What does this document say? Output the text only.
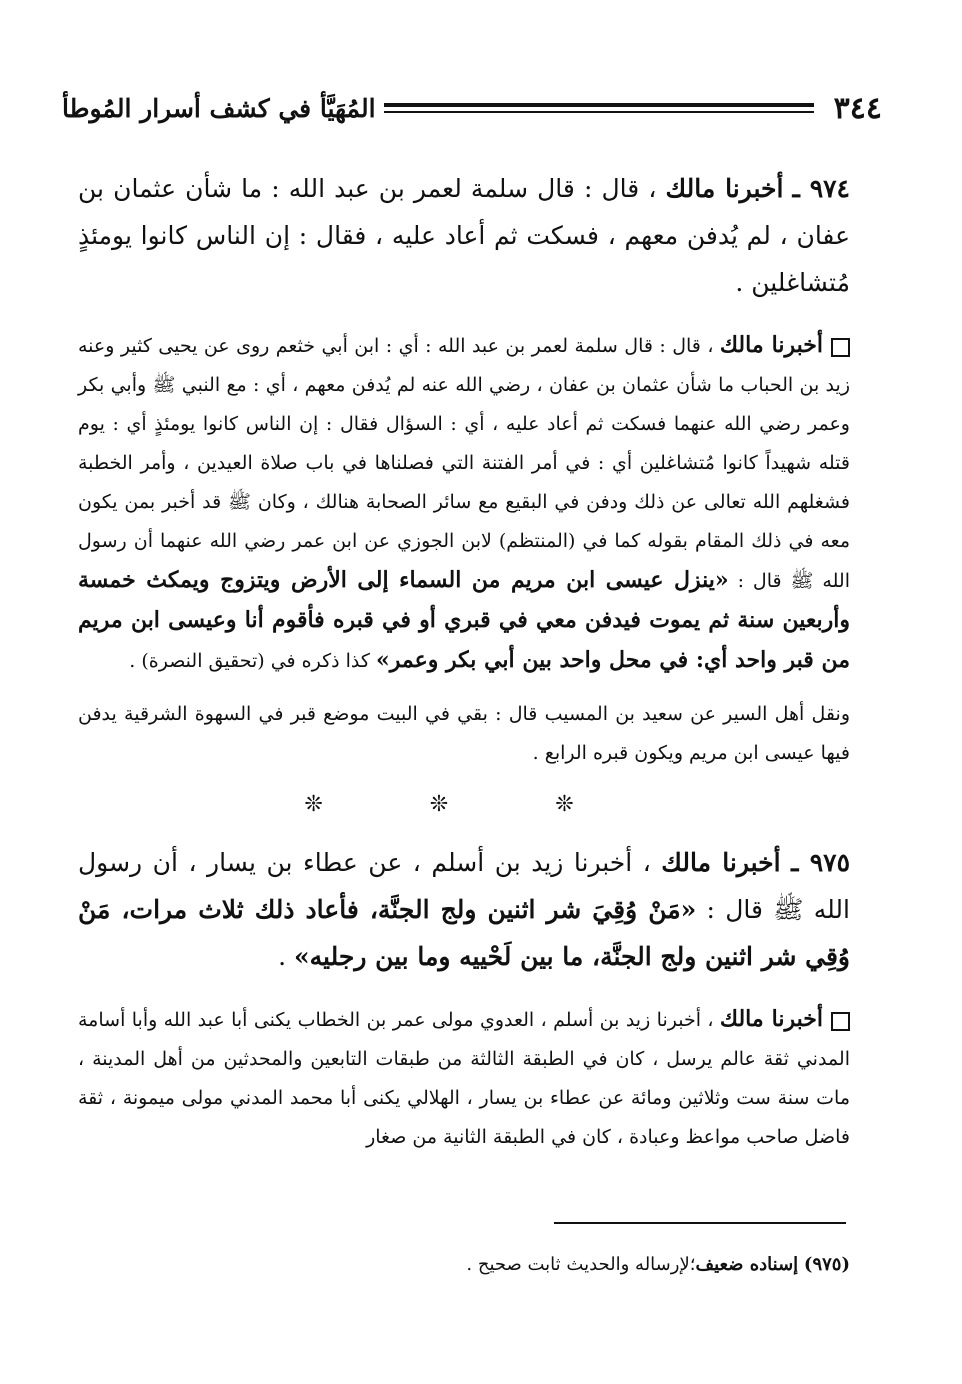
٣٤٤
المُهَيَّأ في كشف أسرار المُوطأ

٩٧٤ ـ أخبرنا مالك ، قال : قال سلمة لعمر بن عبد الله : ما شأن عثمان بن عفان ، لم يُدفن معهم ، فسكت ثم أعاد عليه ، فقال : إن الناس كانوا يومئذٍ مُتشاغلين .

أخبرنا مالك ، قال : قال سلمة لعمر بن عبد الله : أي : ابن أبي خثعم روى عن يحيى كثير وعنه زيد بن الحباب ما شأن عثمان بن عفان ، رضي الله عنه لم يُدفن معهم ، أي : مع النبي ﷺ وأبي بكر وعمر رضي الله عنهما فسكت ثم أعاد عليه ، أي : السؤال فقال : إن الناس كانوا يومئذٍ أي : يوم قتله شهيداً كانوا مُتشاغلين أي : في أمر الفتنة التي فصلناها في باب صلاة العيدين ، وأمر الخطبة فشغلهم الله تعالى عن ذلك ودفن في البقيع مع سائر الصحابة هنالك ، وكان ﷺ قد أخبر بمن يكون معه في ذلك المقام بقوله كما في (المنتظم) لابن الجوزي عن ابن عمر رضي الله عنهما أن رسول الله ﷺ قال : «ينزل عيسى ابن مريم من السماء إلى الأرض ويتزوج ويمكث خمسة وأربعين سنة ثم يموت فيدفن معي في قبري أو في قبره فأقوم أنا وعيسى ابن مريم من قبر واحد أي: في محل واحد بين أبي بكر وعمر» كذا ذكره في (تحقيق النصرة) .

ونقل أهل السير عن سعيد بن المسيب قال : بقي في البيت موضع قبر في السهوة الشرقية يدفن فيها عيسى ابن مريم ويكون قبره الرابع .

❊ ❊ ❊

٩٧٥ ـ أخبرنا مالك ، أخبرنا زيد بن أسلم ، عن عطاء بن يسار ، أن رسول الله ﷺ قال : «مَنْ وُقِيَ شر اثنين ولج الجنَّة، فأعاد ذلك ثلاث مرات، مَنْ وُقِي شر اثنين ولج الجنَّة، ما بين لَحْييه وما بين رجليه» .

أخبرنا مالك ، أخبرنا زيد بن أسلم ، العدوي مولى عمر بن الخطاب يكنى أبا عبد الله وأبا أسامة المدني ثقة عالم يرسل ، كان في الطبقة الثالثة من طبقات التابعين والمحدثين من أهل المدينة ، مات سنة ست وثلاثين ومائة عن عطاء بن يسار ، الهلالي يكنى أبا محمد المدني مولى ميمونة ، ثقة فاضل صاحب مواعظ وعبادة ، كان في الطبقة الثانية من صغار

(٩٧٥) إسناده ضعيف؛لإرساله والحديث ثابت صحيح .
